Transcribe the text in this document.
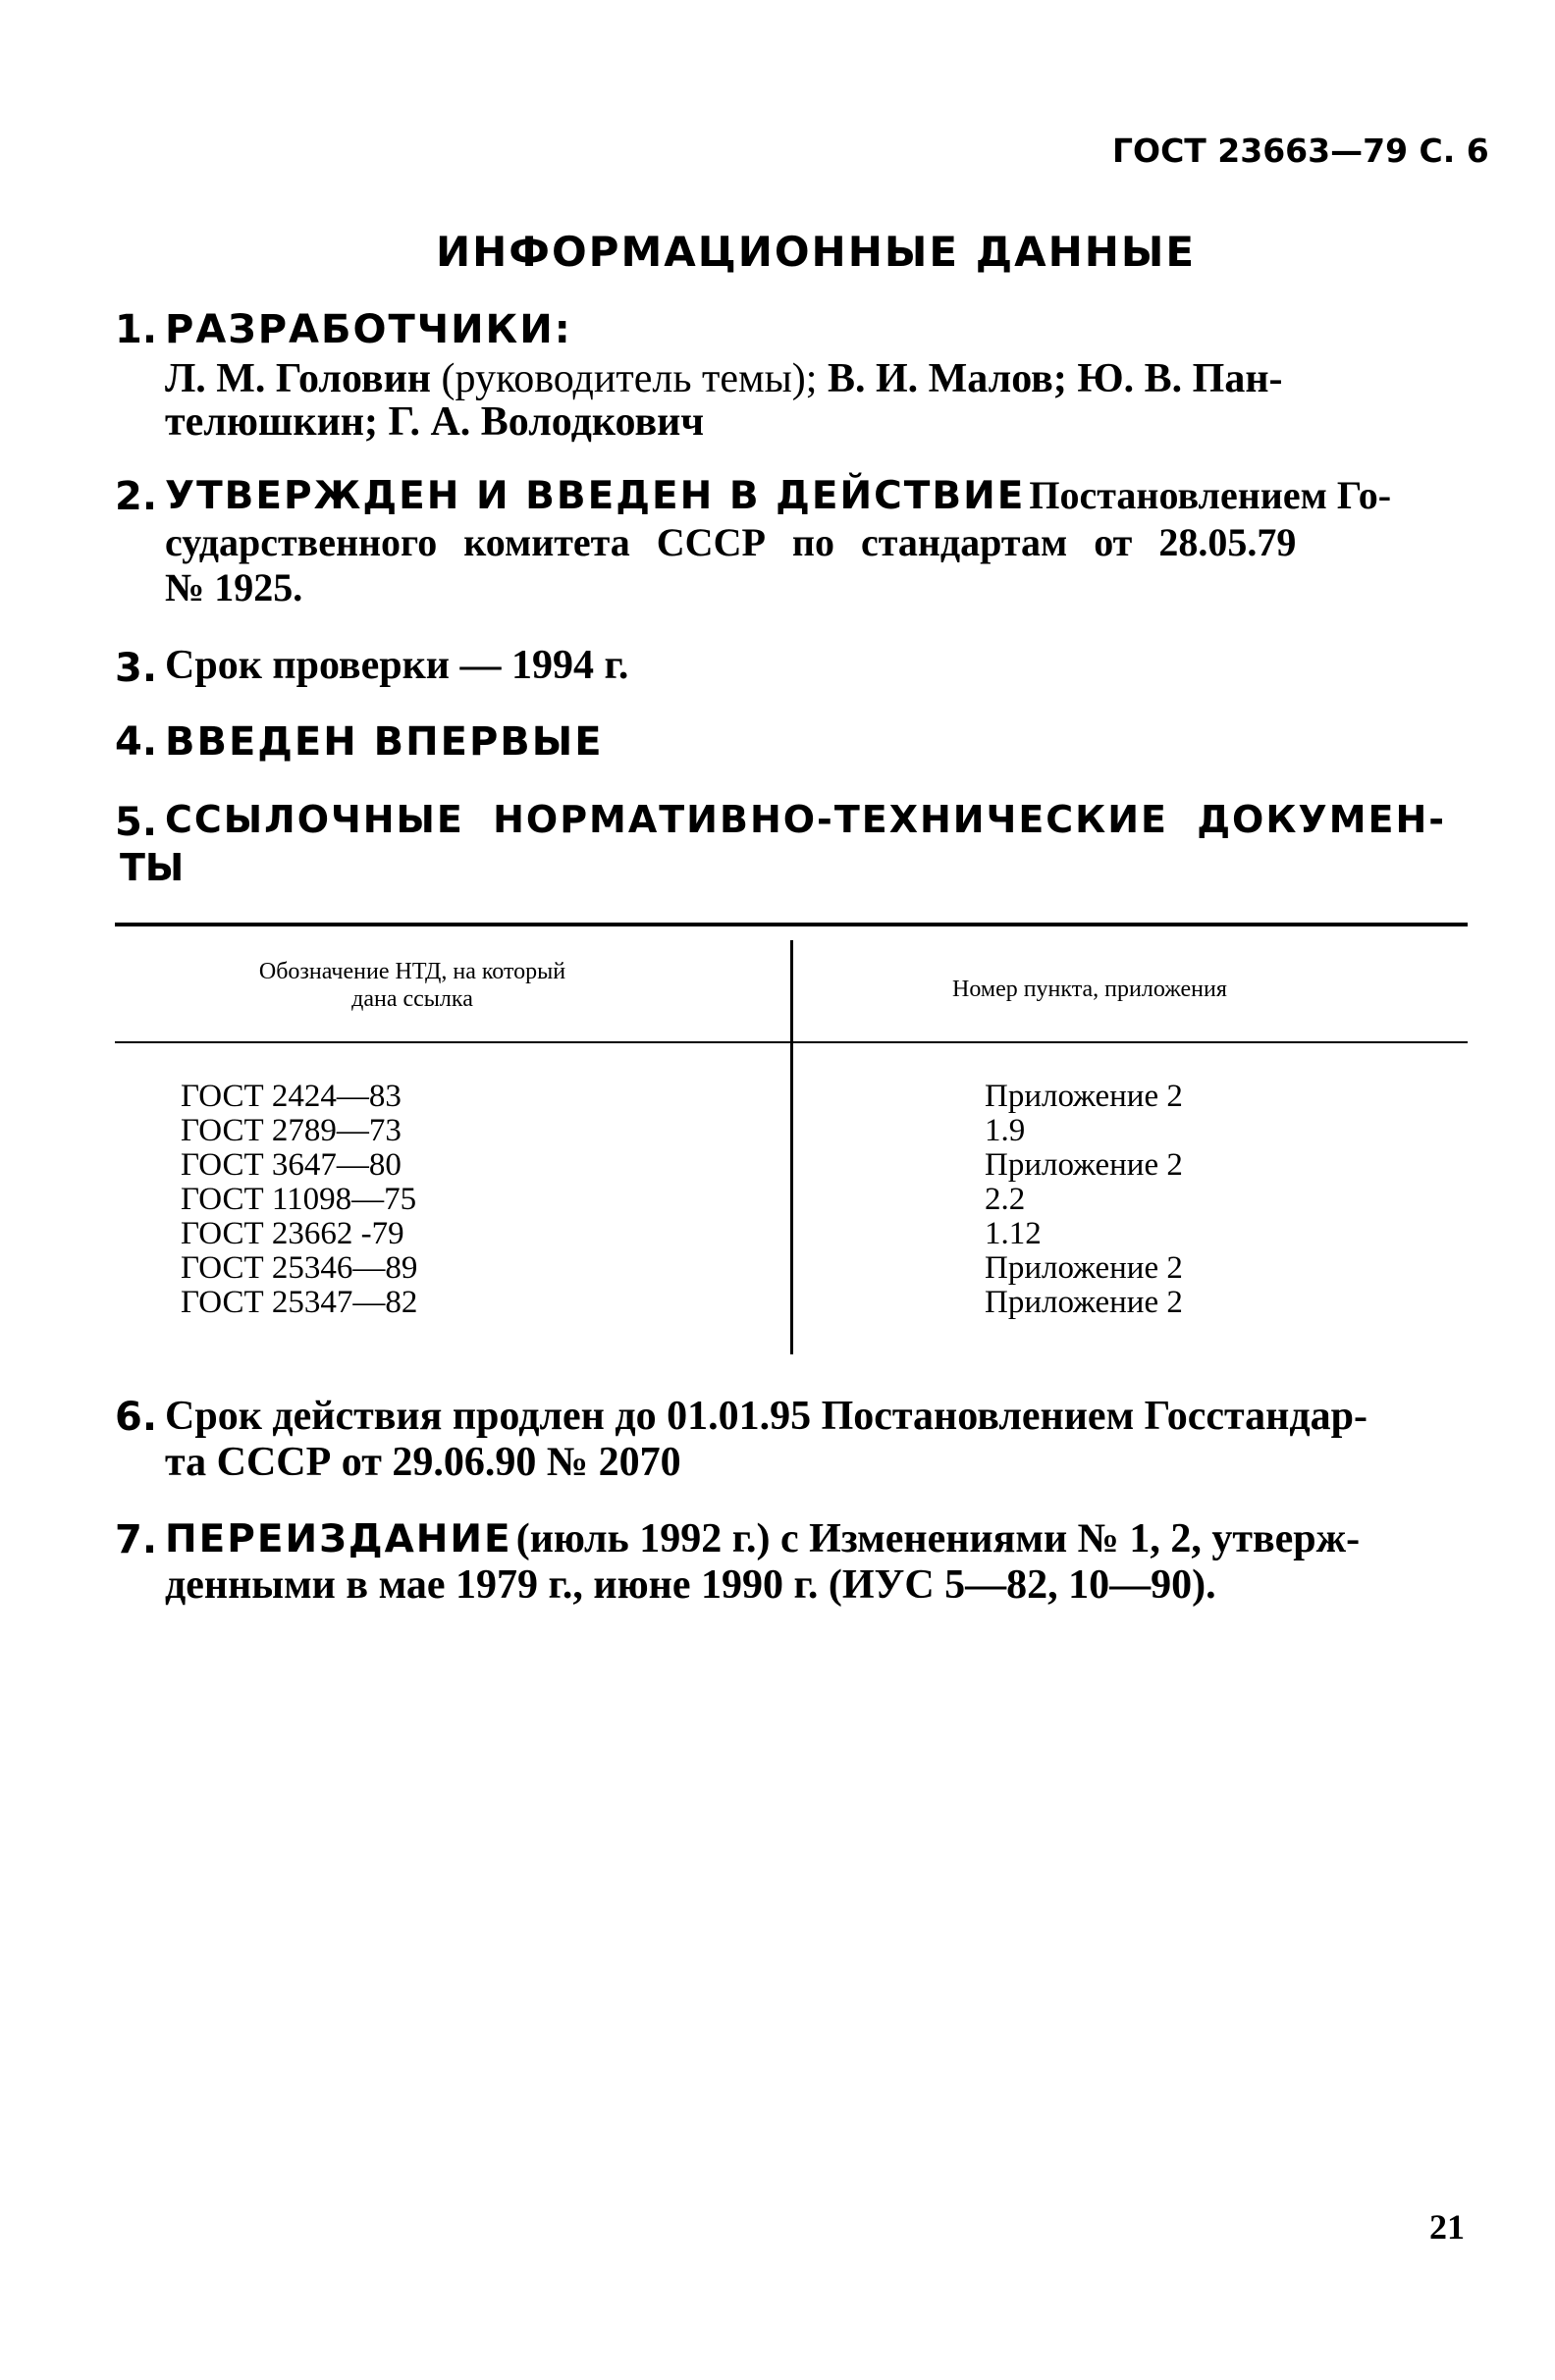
ГОСТ 23663—79 С. 6
ИНФОРМАЦИОННЫЕ ДАННЫЕ
1. РАЗРАБОТЧИКИ:
Л. М. Головин (руководитель темы); В. И. Малов; Ю. В. Пан-
телюшкин; Г. А. Володкович
2. УТВЕРЖДЕН И ВВЕДЕН В ДЕЙСТВИЕ Постановлением Го-
сударственного комитета СССР по стандартам от 28.05.79
№ 1925.
3. Срок проверки — 1994 г.
4. ВВЕДЕН ВПЕРВЫЕ
5. ССЫЛОЧНЫЕ НОРМАТИВНО-ТЕХНИЧЕСКИЕ ДОКУМЕН-
ТЫ
Обозначение НТД, на который
дана ссылка	Номер пункта, приложения
ГОСТ 2424—83
ГОСТ 2789—73
ГОСТ 3647—80
ГОСТ 11098—75
ГОСТ 23662 -79
ГОСТ 25346—89
ГОСТ 25347—82
Приложение 2
1.9
Приложение 2
2.2
1.12
Приложение 2
Приложение 2
6. Срок действия продлен до 01.01.95 Постановлением Госстандар-
та СССР от 29.06.90 № 2070
7. ПЕРЕИЗДАНИЕ (июль 1992 г.) с Изменениями № 1, 2, утверж-
денными в мае 1979 г., июне 1990 г. (ИУС 5—82, 10—90).
21
